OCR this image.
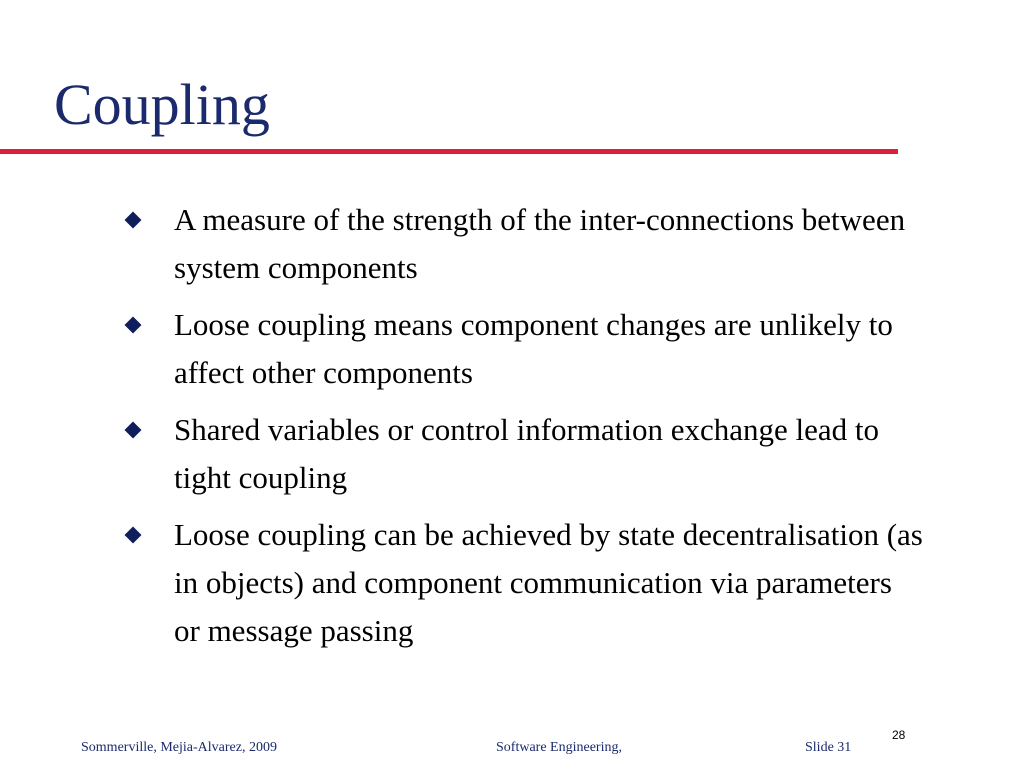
Coupling
A measure of the strength of the inter-connections between system components
Loose coupling means component changes are unlikely to affect other components
Shared variables or control information exchange lead to tight coupling
Loose coupling can be achieved by state decentralisation (as in objects) and component communication via parameters or message passing
28
Sommerville, Mejia-Alvarez, 2009	Software Engineering,	Slide 31
